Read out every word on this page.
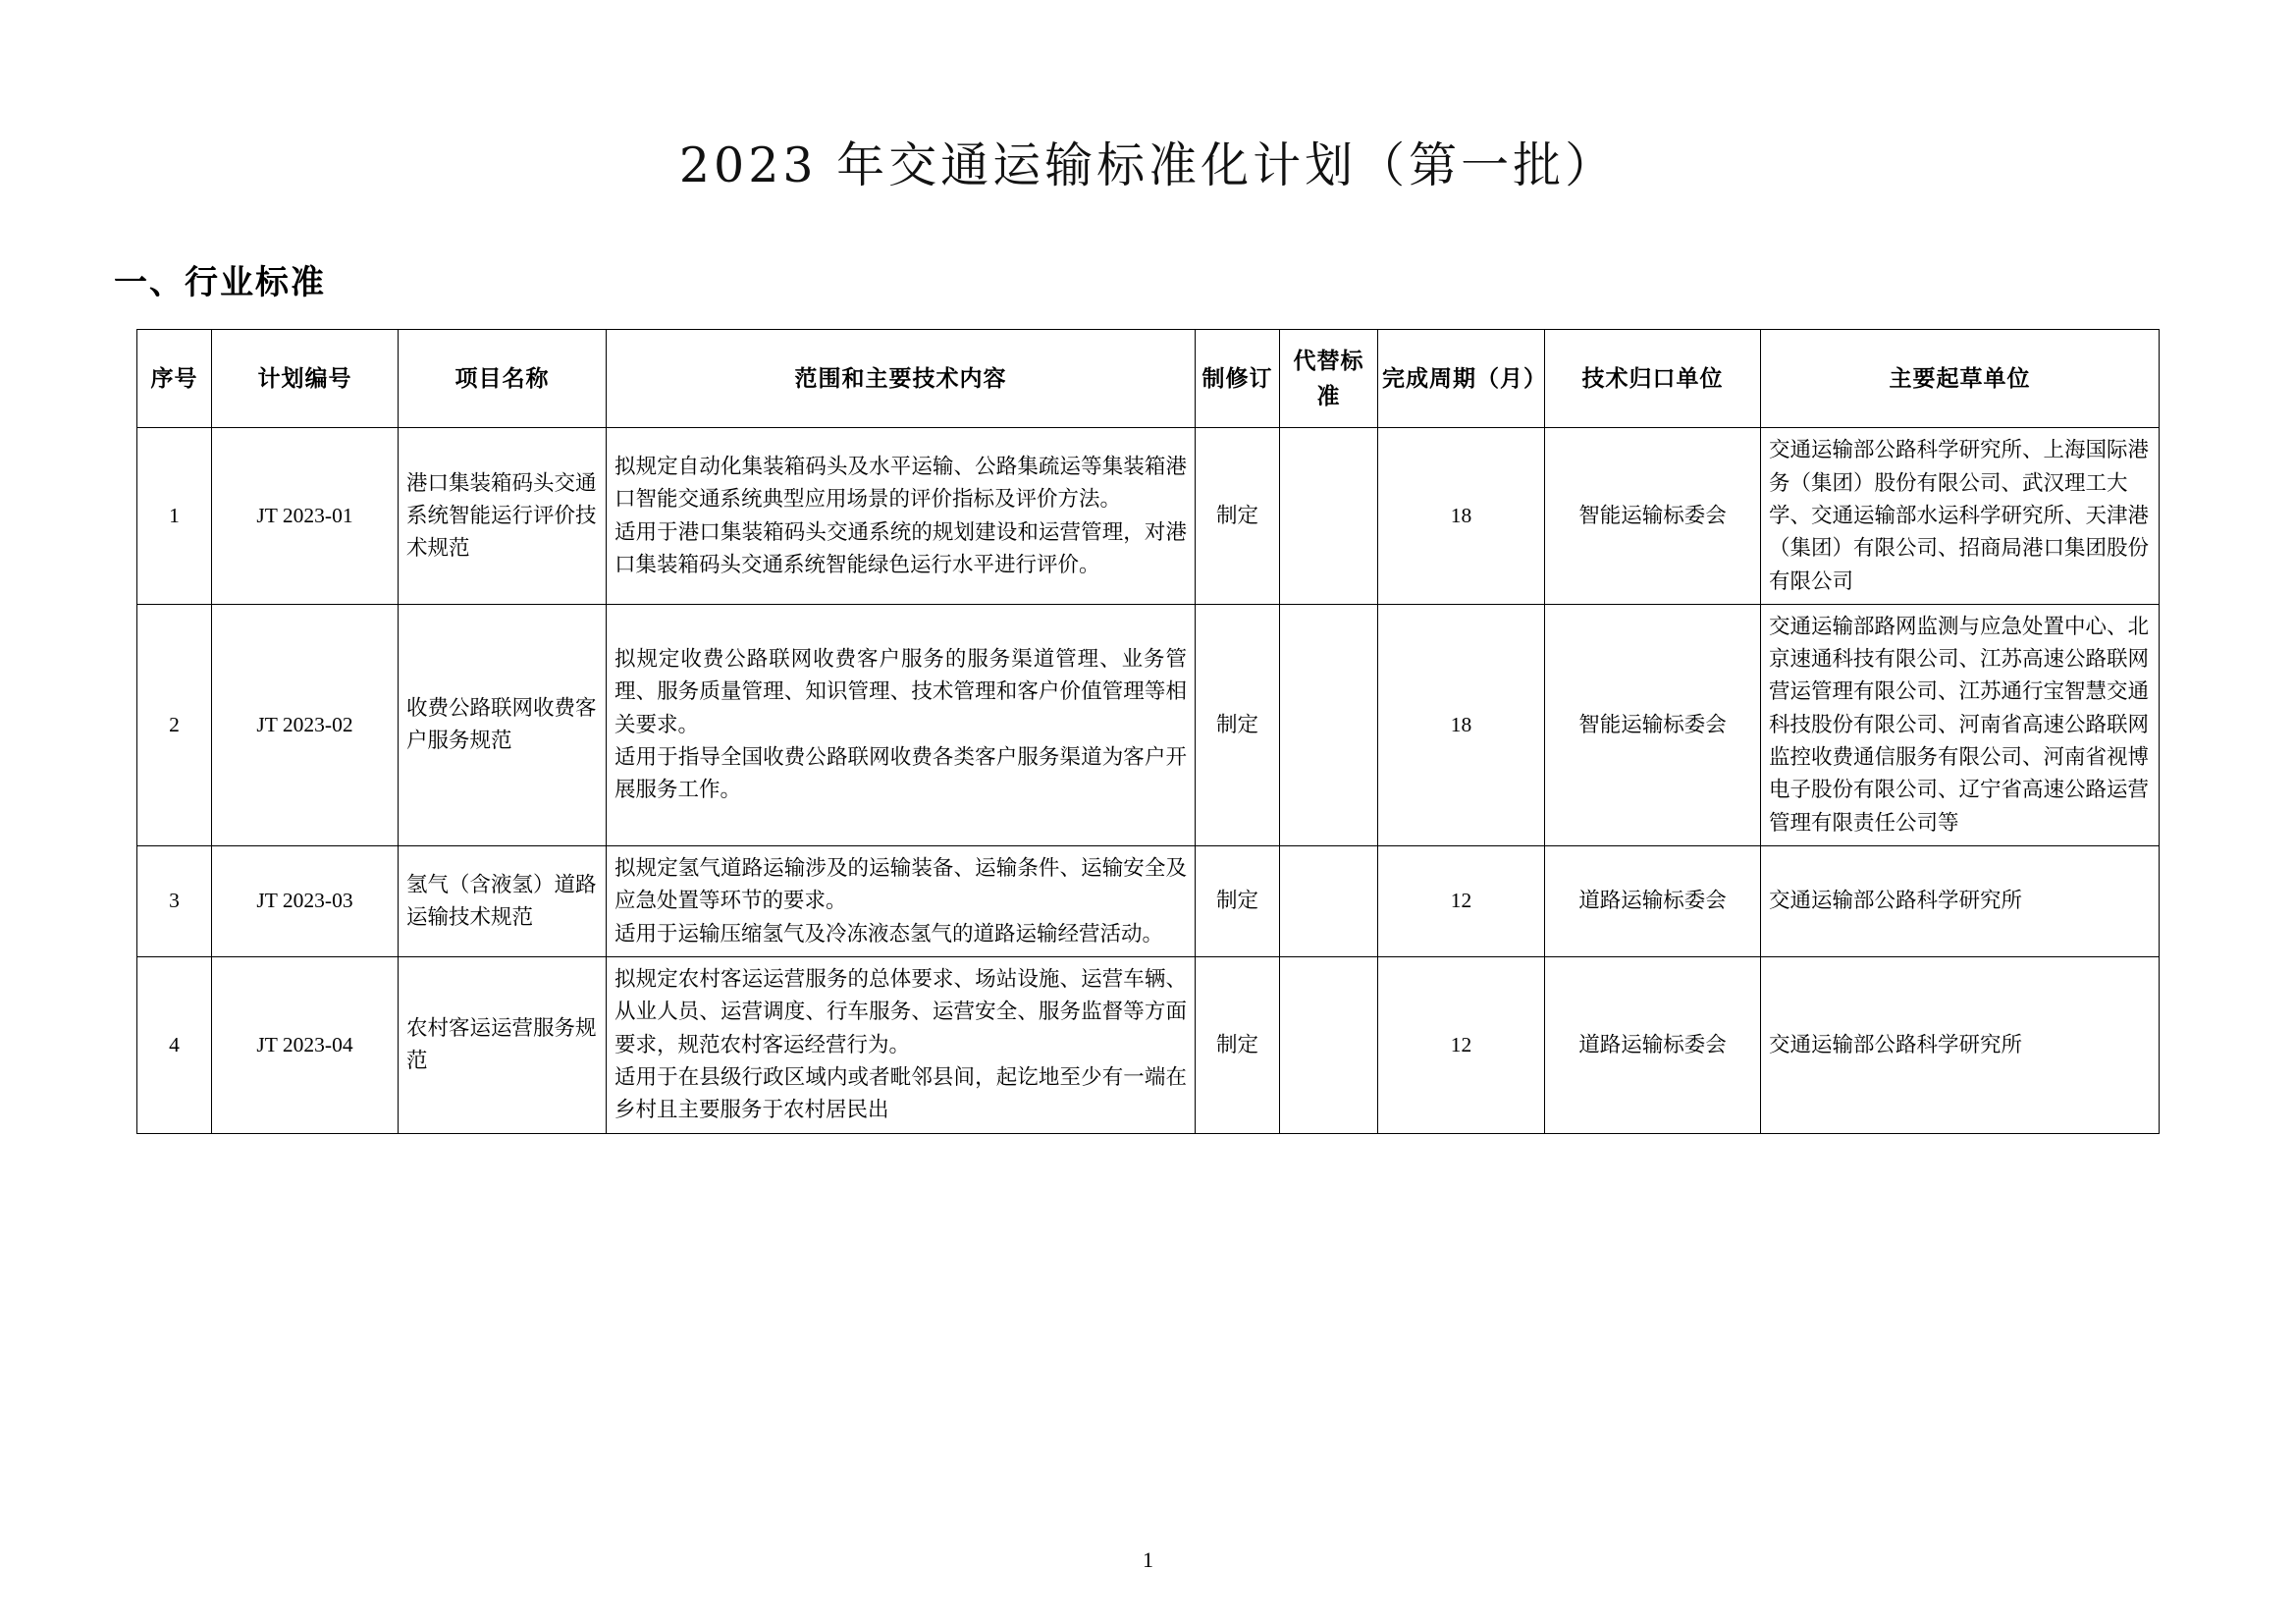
2023 年交通运输标准化计划（第一批）
一、行业标准
序号	计划编号	项目名称	范围和主要技术内容	制修订	代替标准	完成周期（月）	技术归口单位	主要起草单位
1	JT 2023-01	港口集装箱码头交通系统智能运行评价技术规范	拟规定自动化集装箱码头及水平运输、公路集疏运等集装箱港口智能交通系统典型应用场景的评价指标及评价方法。

适用于港口集装箱码头交通系统的规划建设和运营管理，对港口集装箱码头交通系统智能绿色运行水平进行评价。	制定		18	智能运输标委会	交通运输部公路科学研究所、上海国际港务（集团）股份有限公司、武汉理工大学、交通运输部水运科学研究所、天津港（集团）有限公司、招商局港口集团股份有限公司
2	JT 2023-02	收费公路联网收费客户服务规范	拟规定收费公路联网收费客户服务的服务渠道管理、业务管理、服务质量管理、知识管理、技术管理和客户价值管理等相关要求。

适用于指导全国收费公路联网收费各类客户服务渠道为客户开展服务工作。	制定		18	智能运输标委会	交通运输部路网监测与应急处置中心、北京速通科技有限公司、江苏高速公路联网营运管理有限公司、江苏通行宝智慧交通科技股份有限公司、河南省高速公路联网监控收费通信服务有限公司、河南省视博电子股份有限公司、辽宁省高速公路运营管理有限责任公司等
3	JT 2023-03	氢气（含液氢）道路运输技术规范	拟规定氢气道路运输涉及的运输装备、运输条件、运输安全及应急处置等环节的要求。

适用于运输压缩氢气及冷冻液态氢气的道路运输经营活动。	制定		12	道路运输标委会	交通运输部公路科学研究所
4	JT 2023-04	农村客运运营服务规范	拟规定农村客运运营服务的总体要求、场站设施、运营车辆、从业人员、运营调度、行车服务、运营安全、服务监督等方面要求，规范农村客运经营行为。

适用于在县级行政区域内或者毗邻县间，起讫地至少有一端在乡村且主要服务于农村居民出	制定		12	道路运输标委会	交通运输部公路科学研究所
1
